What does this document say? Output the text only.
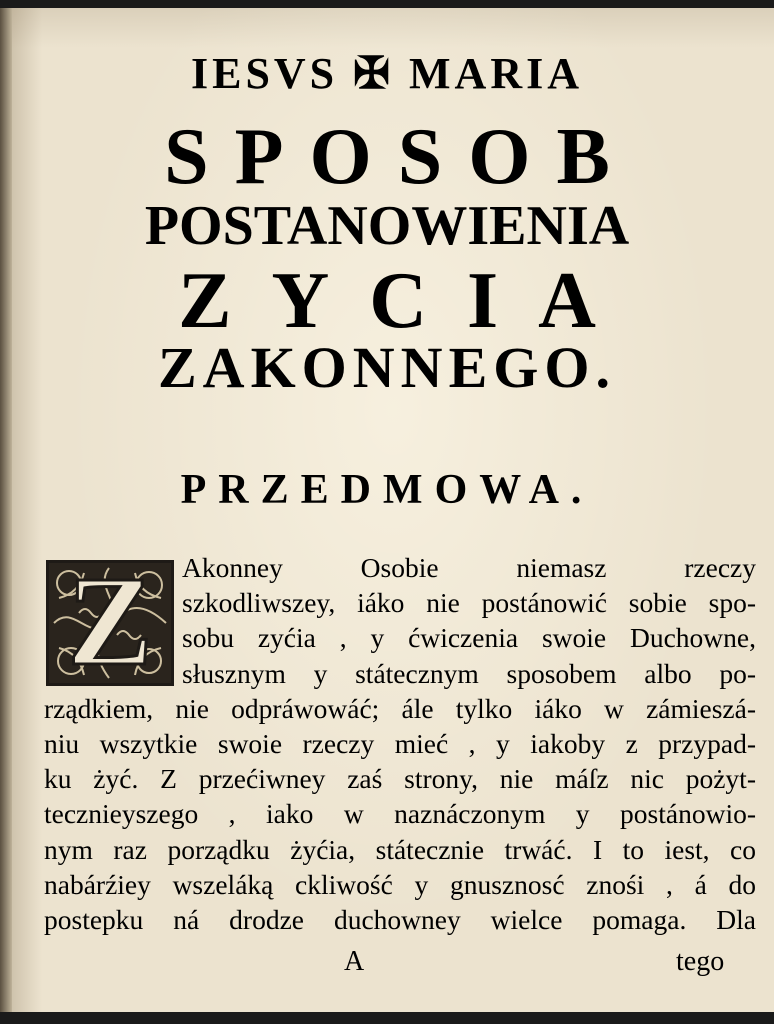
IESVS ✠ MARIA
SPOSOB
POSTANOWIENIA
ZYCIA
ZAKONNEGO.
PRZEDMOWA.
Z	Akonney Osobie niemasz rzeczy
szkodliwszey, iáko nie postánowić sobie spo-
sobu zyćia , y ćwiczenia swoie Duchowne,
słusznym y státecznym sposobem albo po-
rządkiem, nie odpráwowáć; ále tylko iáko w zámieszá-
niu wszytkie swoie rzeczy mieć , y iakoby z przypad-
ku żyć. Z przećiwney zaś strony, nie máſz nic pożyt-
tecznieyszego , iako w naznáczonym y postánowio-
nym raz porządku żyćia, státecznie trwáć. I to iest, co
nabárźiey wszeláką ckliwość y gnusznosć znośi , á do
postepku ná drodze duchowney wielce pomaga. Dla
A	tego
